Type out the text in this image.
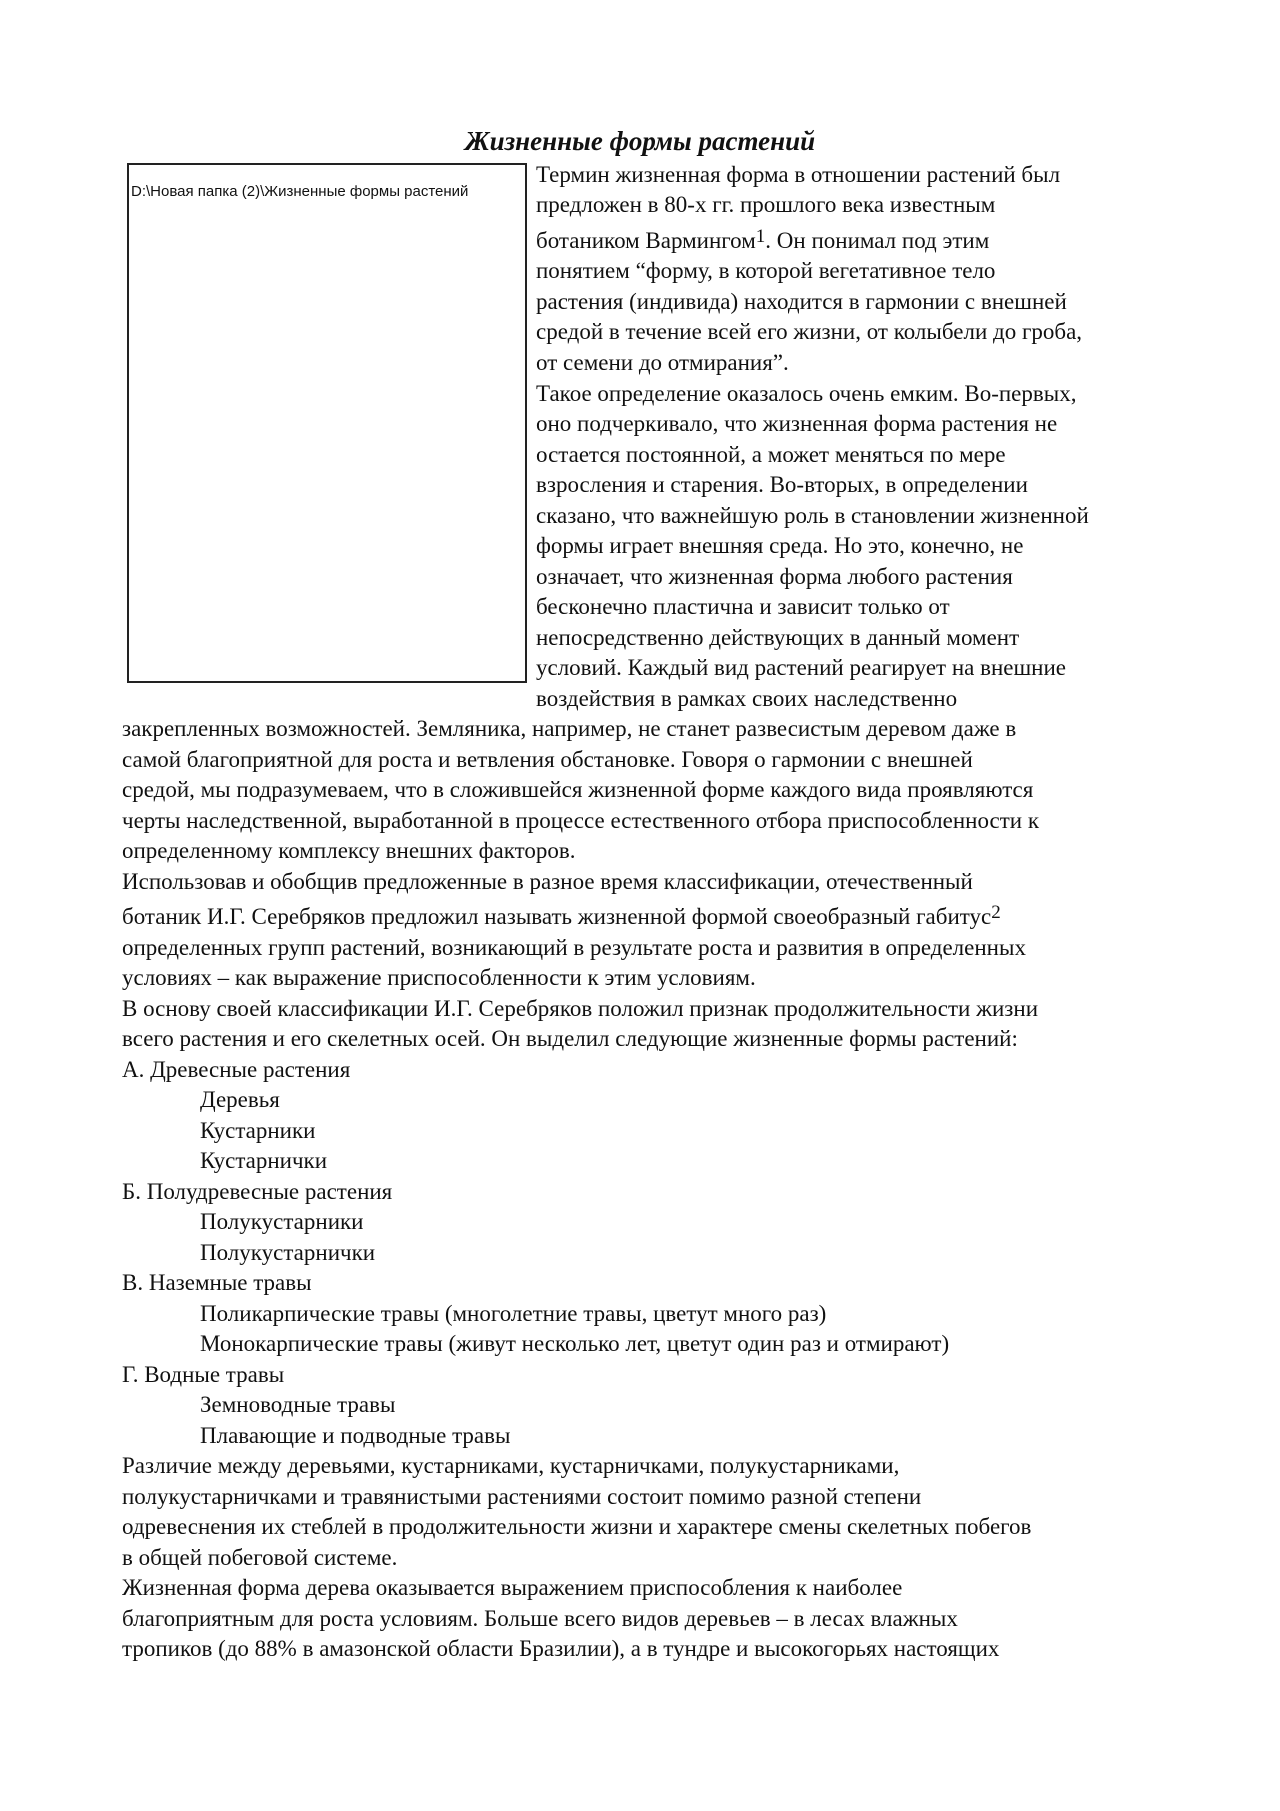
Жизненные формы растений
D:\Новая папка (2)\Жизненные формы растений

Термин жизненная форма в отношении растений был

предложен в 80-х гг. прошлого века известным

ботаником Вармингом$^1$. Он понимал под этим

понятием “форму, в которой вегетативное тело

растения (индивида) находится в гармонии с внешней

средой в течение всей его жизни, от колыбели до гроба,

от семени до отмирания”.

Такое определение оказалось очень емким. Во-первых,

оно подчеркивало, что жизненная форма растения не

остается постоянной, а может меняться по мере

взросления и старения. Во-вторых, в определении

сказано, что важнейшую роль в становлении жизненной

формы играет внешняя среда. Но это, конечно, не

означает, что жизненная форма любого растения

бесконечно пластична и зависит только от

непосредственно действующих в данный момент

условий. Каждый вид растений реагирует на внешние

воздействия в рамках своих наследственно

закрепленных возможностей. Земляника, например, не станет развесистым деревом даже в

самой благоприятной для роста и ветвления обстановке. Говоря о гармонии с внешней

средой, мы подразумеваем, что в сложившейся жизненной форме каждого вида проявляются

черты наследственной, выработанной в процессе естественного отбора приспособленности к

определенному комплексу внешних факторов.

Использовав и обобщив предложенные в разное время классификации, отечественный

ботаник И.Г. Серебряков предложил называть жизненной формой своеобразный габитус$^2$

определенных групп растений, возникающий в результате роста и развития в определенных

условиях – как выражение приспособленности к этим условиям.

В основу своей классификации И.Г. Серебряков положил признак продолжительности жизни

всего растения и его скелетных осей. Он выделил следующие жизненные формы растений:

А. Древесные растения

Деревья

Кустарники

Кустарнички

Б. Полудревесные растения

Полукустарники

Полукустарнички

В. Наземные травы

Поликарпические травы (многолетние травы, цветут много раз)

Монокарпические травы (живут несколько лет, цветут один раз и отмирают)

Г. Водные травы

Земноводные травы

Плавающие и подводные травы

Различие между деревьями, кустарниками, кустарничками, полукустарниками,

полукустарничками и травянистыми растениями состоит помимо разной степени

одревеснения их стеблей в продолжительности жизни и характере смены скелетных побегов

в общей побеговой системе.

Жизненная форма дерева оказывается выражением приспособления к наиболее

благоприятным для роста условиям. Больше всего видов деревьев – в лесах влажных

тропиков (до 88% в амазонской области Бразилии), а в тундре и высокогорьях настоящих
